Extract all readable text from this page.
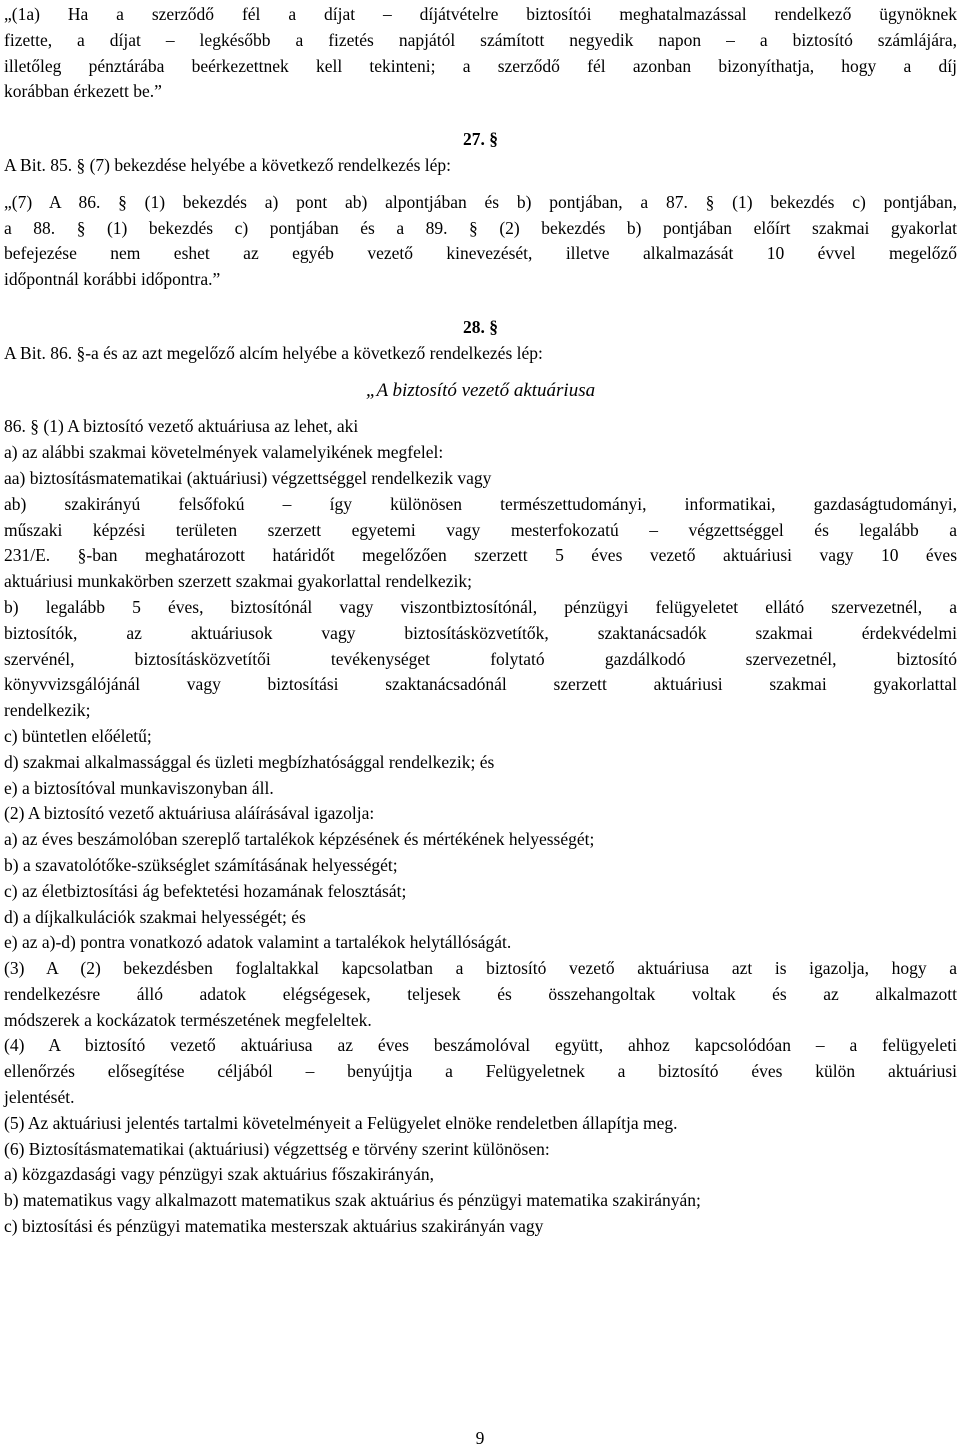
„(1a) Ha a szerződő fél a díjat – díjátvételre biztosítói meghatalmazással rendelkező ügynöknek

fizette, a díjat – legkésőbb a fizetés napjától számított negyedik napon – a biztosító számlájára,

illetőleg pénztárába beérkezettnek kell tekinteni; a szerződő fél azonban bizonyíthatja, hogy a díj

korábban érkezett be.”

27. §

A Bit. 85. § (7) bekezdése helyébe a következő rendelkezés lép:

„(7) A 86. § (1) bekezdés a) pont ab) alpontjában és b) pontjában, a 87. § (1) bekezdés c) pontjában,

a 88. § (1) bekezdés c) pontjában és a 89. § (2) bekezdés b) pontjában előírt szakmai gyakorlat

befejezése nem eshet az egyéb vezető kinevezését, illetve alkalmazását 10 évvel megelőző

időpontnál korábbi időpontra.”

28. §

A Bit. 86. §-a és az azt megelőző alcím helyébe a következő rendelkezés lép:

„A biztosító vezető aktuáriusa

86. § (1) A biztosító vezető aktuáriusa az lehet, aki

a) az alábbi szakmai követelmények valamelyikének megfelel:

aa) biztosításmatematikai (aktuáriusi) végzettséggel rendelkezik vagy

ab) szakirányú felsőfokú – így különösen természettudományi, informatikai, gazdaságtudományi,

műszaki képzési területen szerzett egyetemi vagy mesterfokozatú – végzettséggel és legalább a

231/E. §-ban meghatározott határidőt megelőzően szerzett 5 éves vezető aktuáriusi vagy 10 éves

aktuáriusi munkakörben szerzett szakmai gyakorlattal rendelkezik;

b) legalább 5 éves, biztosítónál vagy viszontbiztosítónál, pénzügyi felügyeletet ellátó szervezetnél, a

biztosítók, az aktuáriusok vagy biztosításközvetítők, szaktanácsadók szakmai érdekvédelmi

szervénél, biztosításközvetítői tevékenységet folytató gazdálkodó szervezetnél, biztosító

könyvvizsgálójánál vagy biztosítási szaktanácsadónál szerzett aktuáriusi szakmai gyakorlattal

rendelkezik;

c) büntetlen előéletű;

d) szakmai alkalmassággal és üzleti megbízhatósággal rendelkezik; és

e) a biztosítóval munkaviszonyban áll.

(2) A biztosító vezető aktuáriusa aláírásával igazolja:

a) az éves beszámolóban szereplő tartalékok képzésének és mértékének helyességét;

b) a szavatolótőke-szükséglet számításának helyességét;

c) az életbiztosítási ág befektetési hozamának felosztását;

d) a díjkalkulációk szakmai helyességét; és

e) az a)-d) pontra vonatkozó adatok valamint a tartalékok helytállóságát.

(3) A (2) bekezdésben foglaltakkal kapcsolatban a biztosító vezető aktuáriusa azt is igazolja, hogy a

rendelkezésre álló adatok elégségesek, teljesek és összehangoltak voltak és az alkalmazott

módszerek a kockázatok természetének megfeleltek.

(4) A biztosító vezető aktuáriusa az éves beszámolóval együtt, ahhoz kapcsolódóan – a felügyeleti

ellenőrzés elősegítése céljából – benyújtja a Felügyeletnek a biztosító éves külön aktuáriusi

jelentését.

(5) Az aktuáriusi jelentés tartalmi követelményeit a Felügyelet elnöke rendeletben állapítja meg.

(6) Biztosításmatematikai (aktuáriusi) végzettség e törvény szerint különösen:

a) közgazdasági vagy pénzügyi szak aktuárius főszakirányán,

b) matematikus vagy alkalmazott matematikus szak aktuárius és pénzügyi matematika szakirányán;

c) biztosítási és pénzügyi matematika mesterszak aktuárius szakirányán vagy

9
